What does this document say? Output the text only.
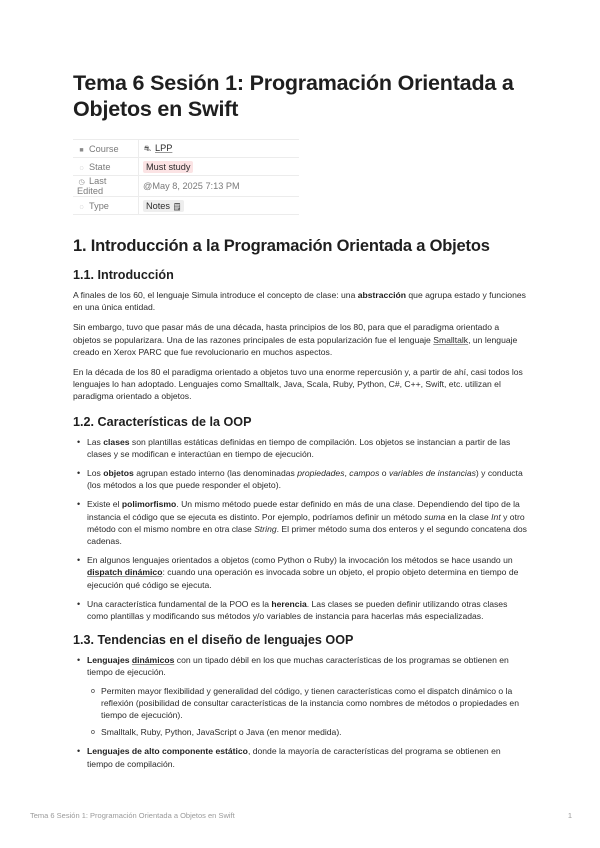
Tema 6 Sesión 1: Programación Orientada a Objetos en Swift
■ Course	⛐ LPP
◌ State	Must study
◷ Last Edited	@May 8, 2025 7:13 PM
◌ Type	Notes 🗒
1. Introducción a la Programación Orientada a Objetos
1.1. Introducción

A finales de los 60, el lenguaje Simula introduce el concepto de clase: una abstracción que agrupa estado y funciones en una única entidad.

Sin embargo, tuvo que pasar más de una década, hasta principios de los 80, para que el paradigma orientado a objetos se popularizara. Una de las razones principales de esta popularización fue el lenguaje Smalltalk, un lenguaje creado en Xerox PARC que fue revolucionario en muchos aspectos.

En la década de los 80 el paradigma orientado a objetos tuvo una enorme repercusión y, a partir de ahí, casi todos los lenguajes lo han adoptado. Lenguajes como Smalltalk, Java, Scala, Ruby, Python, C#, C++, Swift, etc. utilizan el paradigma orientado a objetos.

1.2. Características de la OOP
• Las clases son plantillas estáticas definidas en tiempo de compilación. Los objetos se instancian a partir de las clases y se modifican e interactúan en tiempo de ejecución.
• Los objetos agrupan estado interno (las denominadas propiedades, campos o variables de instancias) y conducta (los métodos a los que puede responder el objeto).
• Existe el polimorfismo. Un mismo método puede estar definido en más de una clase. Dependiendo del tipo de la instancia el código que se ejecuta es distinto. Por ejemplo, podríamos definir un método suma en la clase Int y otro método con el mismo nombre en otra clase String. El primer método suma dos enteros y el segundo concatena dos cadenas.
• En algunos lenguajes orientados a objetos (como Python o Ruby) la invocación los métodos se hace usando un dispatch dinámico: cuando una operación es invocada sobre un objeto, el propio objeto determina en tiempo de ejecución qué código se ejecuta.
• Una característica fundamental de la POO es la herencia. Las clases se pueden definir utilizando otras clases como plantillas y modificando sus métodos y/o variables de instancia para hacerlas más especializadas.
1.3. Tendencias en el diseño de lenguajes OOP
• Lenguajes dinámicos con un tipado débil en los que muchas características de los programas se obtienen en tiempo de ejecución.
o Permiten mayor flexibilidad y generalidad del código, y tienen características como el dispatch dinámico o la reflexión (posibilidad de consultar características de la instancia como nombres de métodos o propiedades en tiempo de ejecución).
o Smalltalk, Ruby, Python, JavaScript o Java (en menor medida).
• Lenguajes de alto componente estático, donde la mayoría de características del programa se obtienen en tiempo de compilación.
Tema 6 Sesión 1: Programación Orientada a Objetos en Swift	1
